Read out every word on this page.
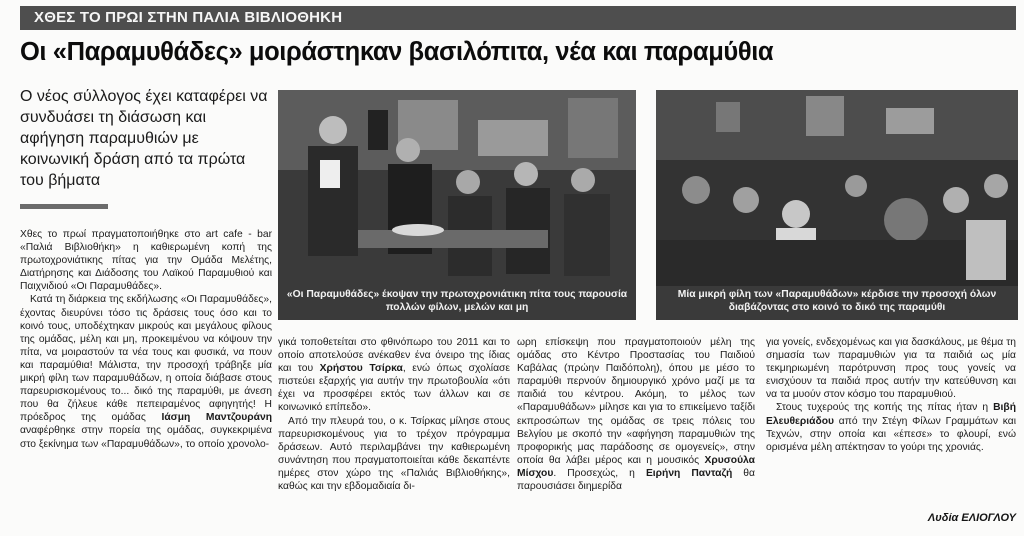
ΧΘΕΣ ΤΟ ΠΡΩΙ ΣΤΗΝ ΠΑΛΙΑ ΒΙΒΛΙΟΘΗΚΗ
Οι «Παραμυθάδες» μοιράστηκαν βασιλόπιτα, νέα και παραμύθια
Ο νέος σύλλογος έχει καταφέρει να συνδυάσει τη διάσωση και αφήγηση παραμυθιών με κοινωνική δράση από τα πρώτα του βήματα

Χθες το πρωί πραγματοποιήθηκε στο art cafe - bar «Παλιά Βιβλιοθήκη» η καθιερωμένη κοπή της πρωτοχρονιάτικης πίτας για την Ομάδα Μελέτης, Διατήρησης και Διάδοσης του Λαϊκού Παραμυθιού και Παιχνιδιού «Οι Παραμυθάδες».

Κατά τη διάρκεια της εκδήλωσης «Οι Παραμυθάδες», έχοντας διευρύνει τόσο τις δράσεις τους όσο και το κοινό τους, υποδέχτηκαν μικρούς και μεγάλους φίλους της ομάδας, μέλη και μη, προκειμένου να κόψουν την πίτα, να μοιραστούν τα νέα τους και φυσικά, να πουν και παραμύθια! Μάλιστα, την προσοχή τράβηξε μία μικρή φίλη των παραμυθάδων, η οποία διάβασε στους παρευρισκομένους το... δικό της παραμύθι, με άνεση που θα ζήλευε κάθε πεπειραμένος αφηγητής! Η πρόεδρος της ομάδας Ιάσμη Μαντζουράνη αναφέρθηκε στην πορεία της ομάδας, συγκεκριμένα στο ξεκίνημα των «Παραμυθάδων», το οποίο χρονολο-

«Οι Παραμυθάδες» έκοψαν την πρωτοχρονιάτικη πίτα τους παρουσία πολλών φίλων, μελών και μη
Μία μικρή φίλη των «Παραμυθάδων» κέρδισε την προσοχή όλων διαβάζοντας στο κοινό το δικό της παραμύθι

γικά τοποθετείται στο φθινόπωρο του 2011 και το οποίο αποτελούσε ανέκαθεν ένα όνειρο της ίδιας και του Χρήστου Τσίρκα, ενώ όπως σχολίασε πιστεύει εξαρχής για αυτήν την πρωτοβουλία «ότι έχει να προσφέρει εκτός των άλλων και σε κοινωνικό επίπεδο».

Από την πλευρά του, ο κ. Τσίρκας μίλησε στους παρευρισκομένους για το τρέχον πρόγραμμα δράσεων. Αυτό περιλαμβάνει την καθιερωμένη συνάντηση που πραγματοποιείται κάθε δεκαπέντε ημέρες στον χώρο της «Παλιάς Βιβλιοθήκης», καθώς και την εβδομαδιαία δι-

ωρη επίσκεψη που πραγματοποιούν μέλη της ομάδας στο Κέντρο Προστασίας του Παιδιού Καβάλας (πρώην Παιδόπολη), όπου με μέσο το παραμύθι περνούν δημιουργικό χρόνο μαζί με τα παιδιά του κέντρου. Ακόμη, το μέλος των «Παραμυθάδων» μίλησε και για το επικείμενο ταξίδι εκπροσώπων της ομάδας σε τρεις πόλεις του Βελγίου με σκοπό την «αφήγηση παραμυθιών της προφορικής μας παράδοσης σε ομογενείς», στην οποία θα λάβει μέρος και η μουσικός Χρυσούλα Μίσχου. Προσεχώς, η Ειρήνη Πανταζή θα παρουσιάσει διημερίδα

για γονείς, ενδεχομένως και για δασκάλους, με θέμα τη σημασία των παραμυθιών για τα παιδιά ως μία τεκμηριωμένη παρότρυνση προς τους γονείς να ενισχύουν τα παιδιά προς αυτήν την κατεύθυνση και να τα μυούν στον κόσμο του παραμυθιού.

Στους τυχερούς της κοπής της πίτας ήταν η Βιβή Ελευθεριάδου από την Στέγη Φίλων Γραμμάτων και Τεχνών, στην οποία και «έπεσε» το φλουρί, ενώ ορισμένα μέλη απέκτησαν το γούρι της χρονιάς.

Λυδία ΕΛΙΟΓΛΟΥ
